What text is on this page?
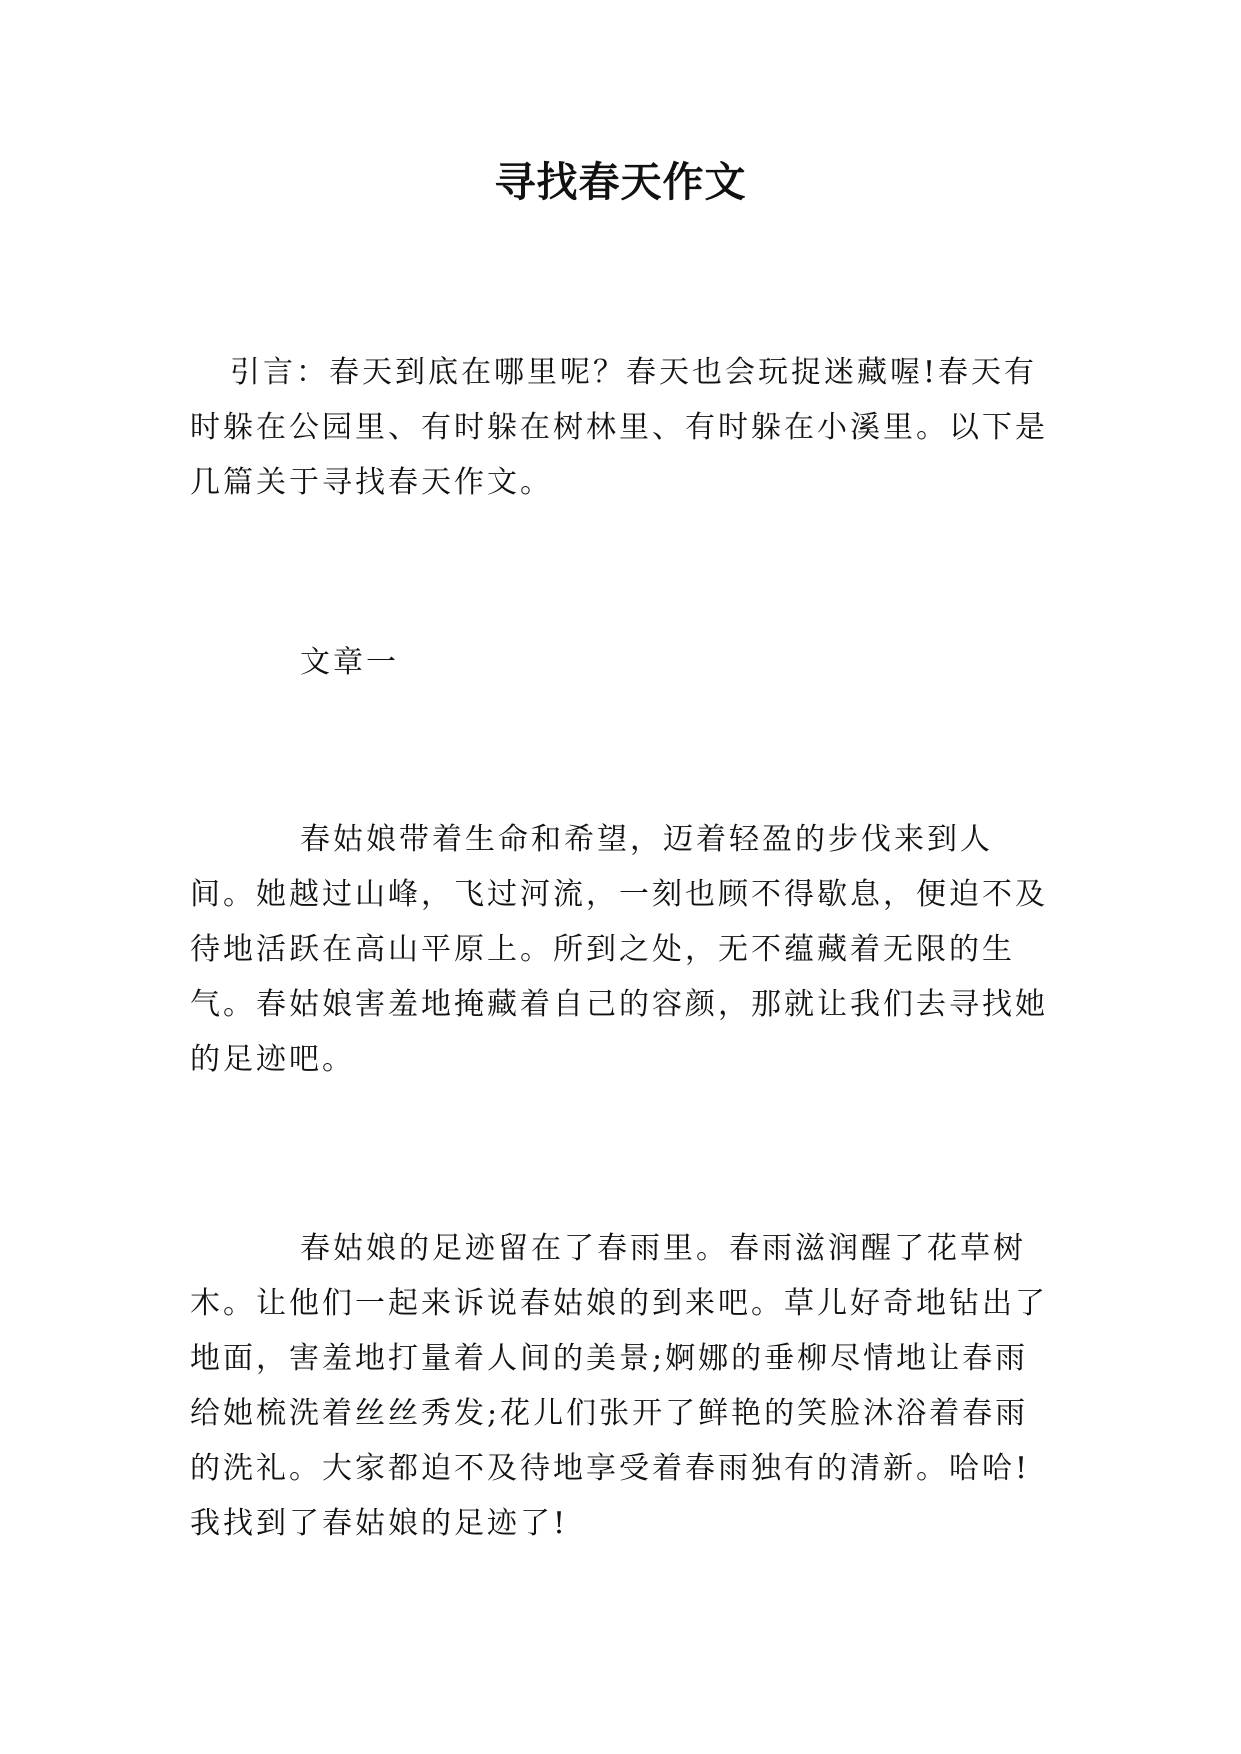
寻找春天作文

引言：春天到底在哪里呢？春天也会玩捉迷藏喔!春天有时躲在公园里、有时躲在树林里、有时躲在小溪里。以下是几篇关于寻找春天作文。

文章一

春姑娘带着生命和希望，迈着轻盈的步伐来到人间。她越过山峰，飞过河流，一刻也顾不得歇息，便迫不及待地活跃在高山平原上。所到之处，无不蕴藏着无限的生气。春姑娘害羞地掩藏着自己的容颜，那就让我们去寻找她的足迹吧。

春姑娘的足迹留在了春雨里。春雨滋润醒了花草树木。让他们一起来诉说春姑娘的到来吧。草儿好奇地钻出了地面，害羞地打量着人间的美景;婀娜的垂柳尽情地让春雨给她梳洗着丝丝秀发;花儿们张开了鲜艳的笑脸沐浴着春雨的洗礼。大家都迫不及待地享受着春雨独有的清新。哈哈!我找到了春姑娘的足迹了!
